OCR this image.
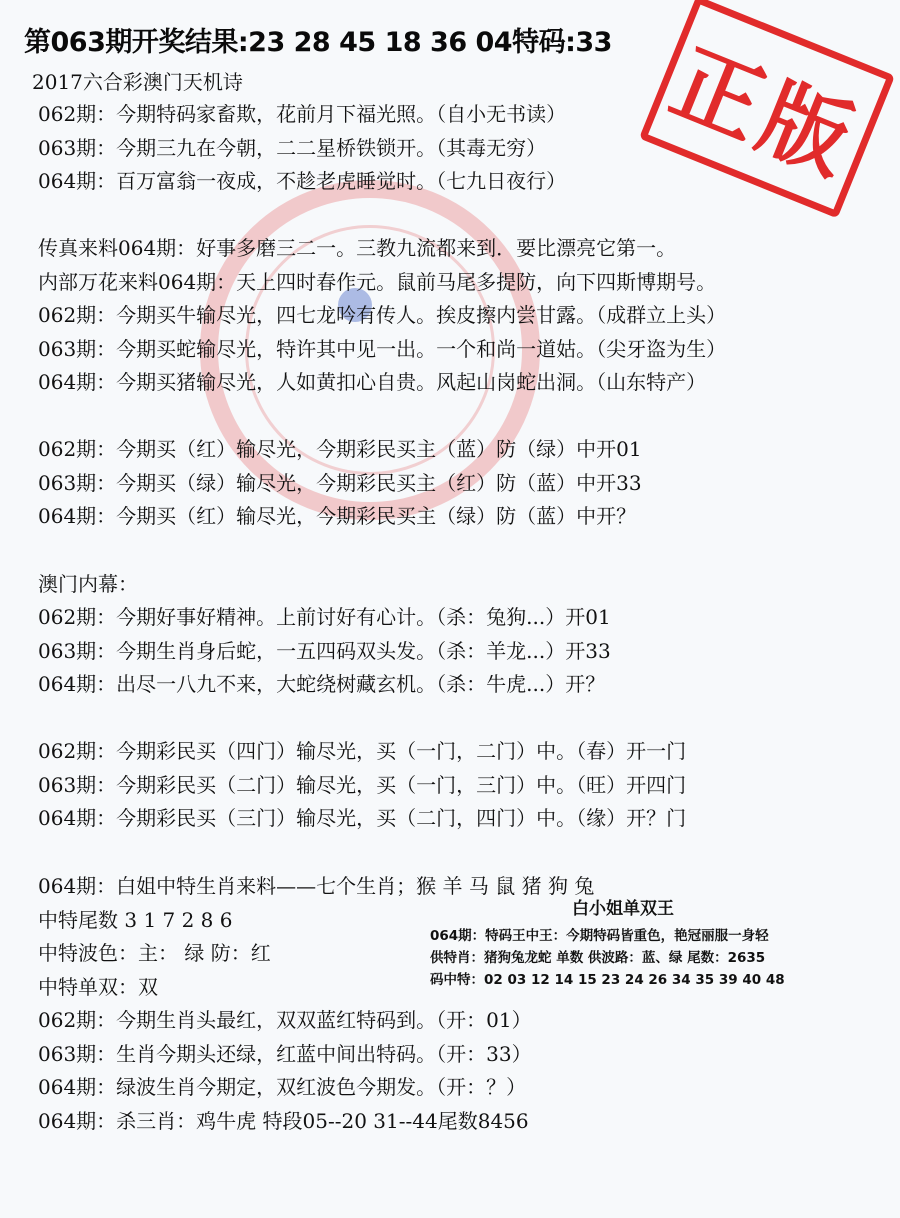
第063期开奖结果:23 28 45 18 36 04特码:33
2017六合彩澳门天机诗	正版
062期：今期特码家畜欺，花前月下福光照。（自小无书读）
063期：今期三九在今朝，二二星桥铁锁开。（其毒无穷）
064期：百万富翁一夜成，不趁老虎睡觉时。（七九日夜行）
传真来料064期：好事多磨三二一。三教九流都来到．要比漂亮它第一。
内部万花来料064期：天上四时春作元。鼠前马尾多提防，向下四斯博期号。
062期：今期买牛输尽光，四七龙吟有传人。挨皮擦内尝甘露。（成群立上头）
063期：今期买蛇输尽光，特许其中见一出。一个和尚一道姑。（尖牙盗为生）
064期：今期买猪输尽光，人如黄扣心自贵。风起山岗蛇出洞。（山东特产）
062期：今期买（红）输尽光，今期彩民买主（蓝）防（绿）中开01
063期：今期买（绿）输尽光，今期彩民买主（红）防（蓝）中开33
064期：今期买（红）输尽光，今期彩民买主（绿）防（蓝）中开？
澳门内幕：
062期：今期好事好精神。上前讨好有心计。（杀：兔狗...）开01
063期：今期生肖身后蛇，一五四码双头发。（杀：羊龙...）开33
064期：出尽一八九不来，大蛇绕树藏玄机。（杀：牛虎...）开？
062期：今期彩民买（四门）输尽光，买（一门，二门）中。（春）开一门
063期：今期彩民买（二门）输尽光，买（一门，三门）中。（旺）开四门
064期：今期彩民买（三门）输尽光，买（二门，四门）中。（缘）开？门
064期：白姐中特生肖来料——七个生肖；猴 羊 马 鼠 猪 狗 兔
中特尾数 3 1 7 2 8 6
中特波色：主： 绿 防：红
中特单双：双
白小姐单双王
064期：特码王中王：今期特码皆重色，艳冠丽服一身轻
供特肖：猪狗兔龙蛇 单数 供波路：蓝、绿 尾数：2635
码中特：02 03 12 14 15 23 24 26 34 35 39 40 48
062期：今期生肖头最红，双双蓝红特码到。（开：01）
063期：生肖今期头还绿，红蓝中间出特码。（开：33）
064期：绿波生肖今期定，双红波色今期发。（开：？）
064期：杀三肖：鸡牛虎 特段05--20 31--44尾数8456
